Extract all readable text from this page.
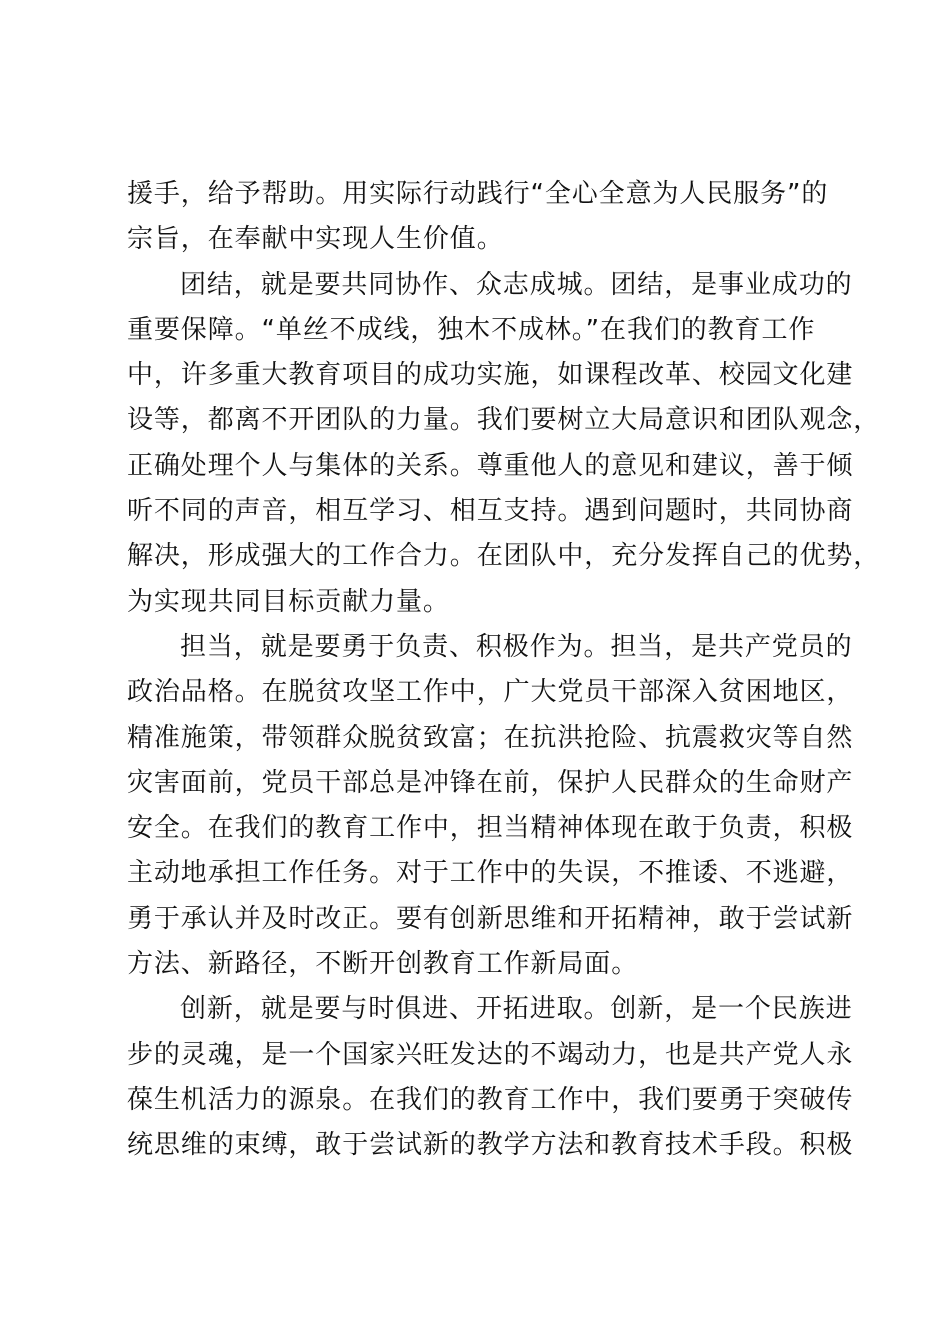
援手，给予帮助。用实际行动践行“全心全意为人民服务”的
宗旨，在奉献中实现人生价值。
团结，就是要共同协作、众志成城。团结，是事业成功的
重要保障。“单丝不成线，独木不成林。”在我们的教育工作
中，许多重大教育项目的成功实施，如课程改革、校园文化建
设等，都离不开团队的力量。我们要树立大局意识和团队观念，
正确处理个人与集体的关系。尊重他人的意见和建议，善于倾
听不同的声音，相互学习、相互支持。遇到问题时，共同协商
解决，形成强大的工作合力。在团队中，充分发挥自己的优势，
为实现共同目标贡献力量。
担当，就是要勇于负责、积极作为。担当，是共产党员的
政治品格。在脱贫攻坚工作中，广大党员干部深入贫困地区，
精准施策，带领群众脱贫致富；在抗洪抢险、抗震救灾等自然
灾害面前，党员干部总是冲锋在前，保护人民群众的生命财产
安全。在我们的教育工作中，担当精神体现在敢于负责，积极
主动地承担工作任务。对于工作中的失误，不推诿、不逃避，
勇于承认并及时改正。要有创新思维和开拓精神，敢于尝试新
方法、新路径，不断开创教育工作新局面。
创新，就是要与时俱进、开拓进取。创新，是一个民族进
步的灵魂，是一个国家兴旺发达的不竭动力，也是共产党人永
葆生机活力的源泉。在我们的教育工作中，我们要勇于突破传
统思维的束缚，敢于尝试新的教学方法和教育技术手段。积极
